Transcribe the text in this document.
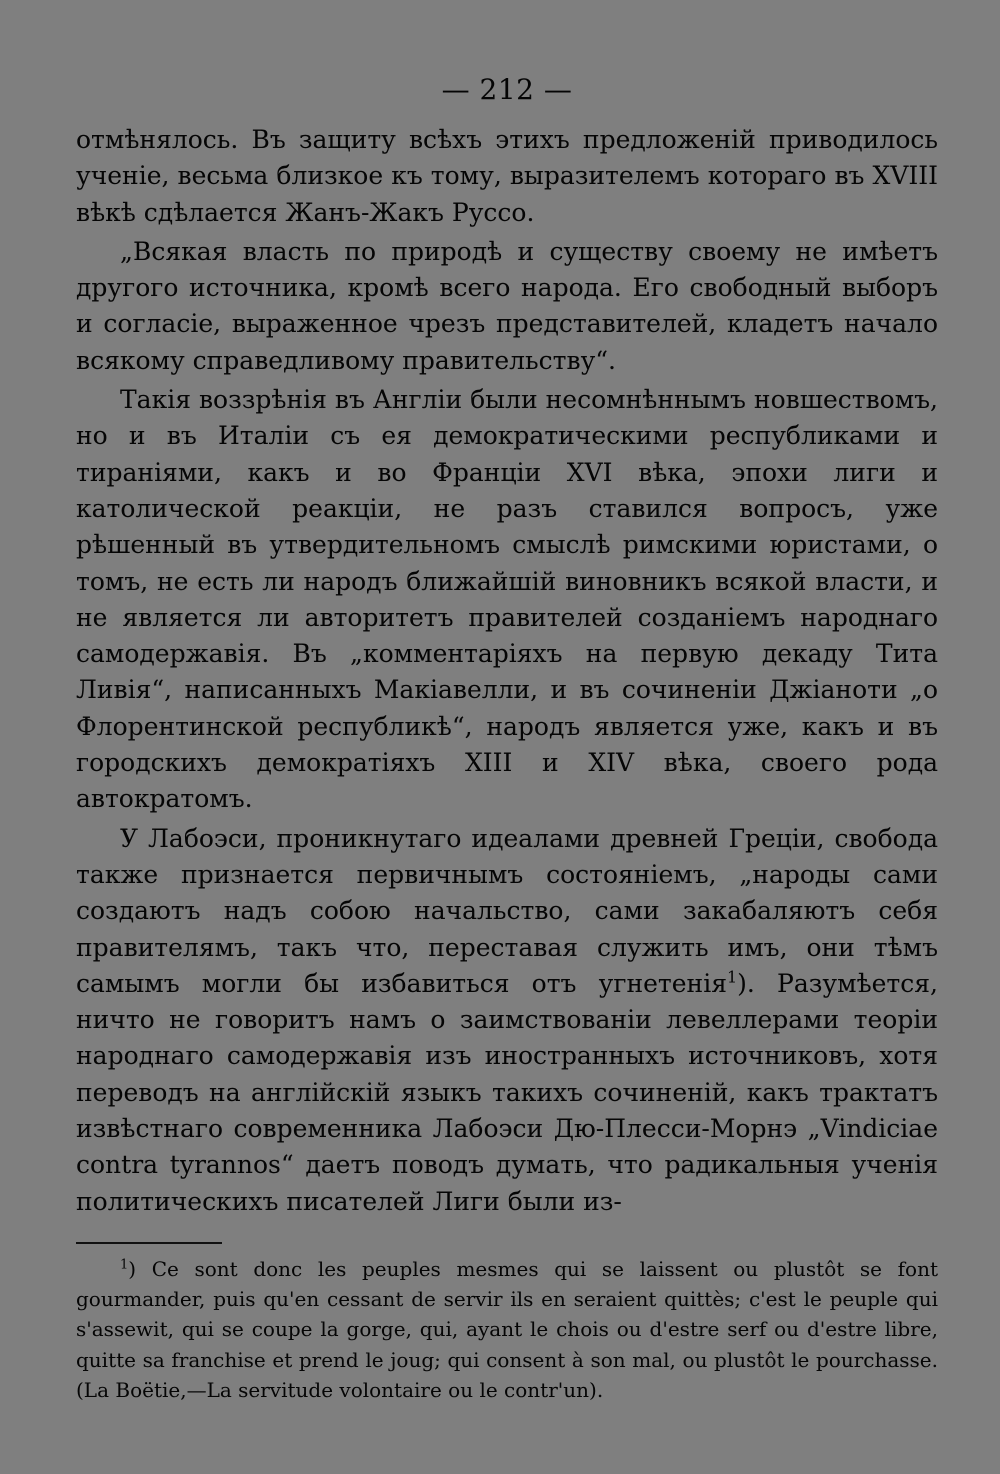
— 212 —

отмѣнялось. Въ защиту всѣхъ этихъ предложеній приводилось ученіе, весьма близкое къ тому, выразителемъ котораго въ XVIII вѣкѣ сдѣлается Жанъ-Жакъ Руссо.

„Всякая власть по природѣ и существу своему не имѣетъ другого источника, кромѣ всего народа. Его свободный выборъ и согласіе, выраженное чрезъ представителей, кладетъ начало всякому справедливому правительству“.

Такія воззрѣнія въ Англіи были несомнѣннымъ новшествомъ, но и въ Италіи съ ея демократическими республиками и тираніями, какъ и во Франціи XVI вѣка, эпохи лиги и католической реакціи, не разъ ставился вопросъ, уже рѣшенный въ утвердительномъ смыслѣ римскими юристами, о томъ, не есть ли народъ ближайшій виновникъ всякой власти, и не является ли авторитетъ правителей созданіемъ народнаго самодержавія. Въ „комментаріяхъ на первую декаду Тита Ливія“, написанныхъ Макіавелли, и въ сочиненіи Джіаноти „о Флорентинской республикѣ“, народъ является уже, какъ и въ городскихъ демократіяхъ XIII и XIV вѣка, своего рода автократомъ.

У Лабоэси, проникнутаго идеалами древней Греціи, свобода также признается первичнымъ состояніемъ, „народы сами создаютъ надъ собою начальство, сами закабаляютъ себя правителямъ, такъ что, переставая служить имъ, они тѣмъ самымъ могли бы избавиться отъ угнетенія$^1$). Разумѣется, ничто не говоритъ намъ о заимствованіи левеллерами теоріи народнаго самодержавія изъ иностранныхъ источниковъ, хотя переводъ на англійскій языкъ такихъ сочиненій, какъ трактатъ извѣстнаго современника Лабоэси Дю-Плесси-Морнэ „Vindiciae contra tyrannos“ даетъ поводъ думать, что радикальныя ученія политическихъ писателей Лиги были из-

$^1$) Ce sont donc les peuples mesmes qui se laissent ou plustôt se font gourmander, puis qu'en cessant de servir ils en seraient quittès; c'est le peuple qui s'assewit, qui se coupe la gorge, qui, ayant le chois ou d'estre serf ou d'estre libre, quitte sa franchise et prend le joug; qui consent à son mal, ou plustôt le pourchasse. (La Boëtie,—La servitude volontaire ou le contr'un).
